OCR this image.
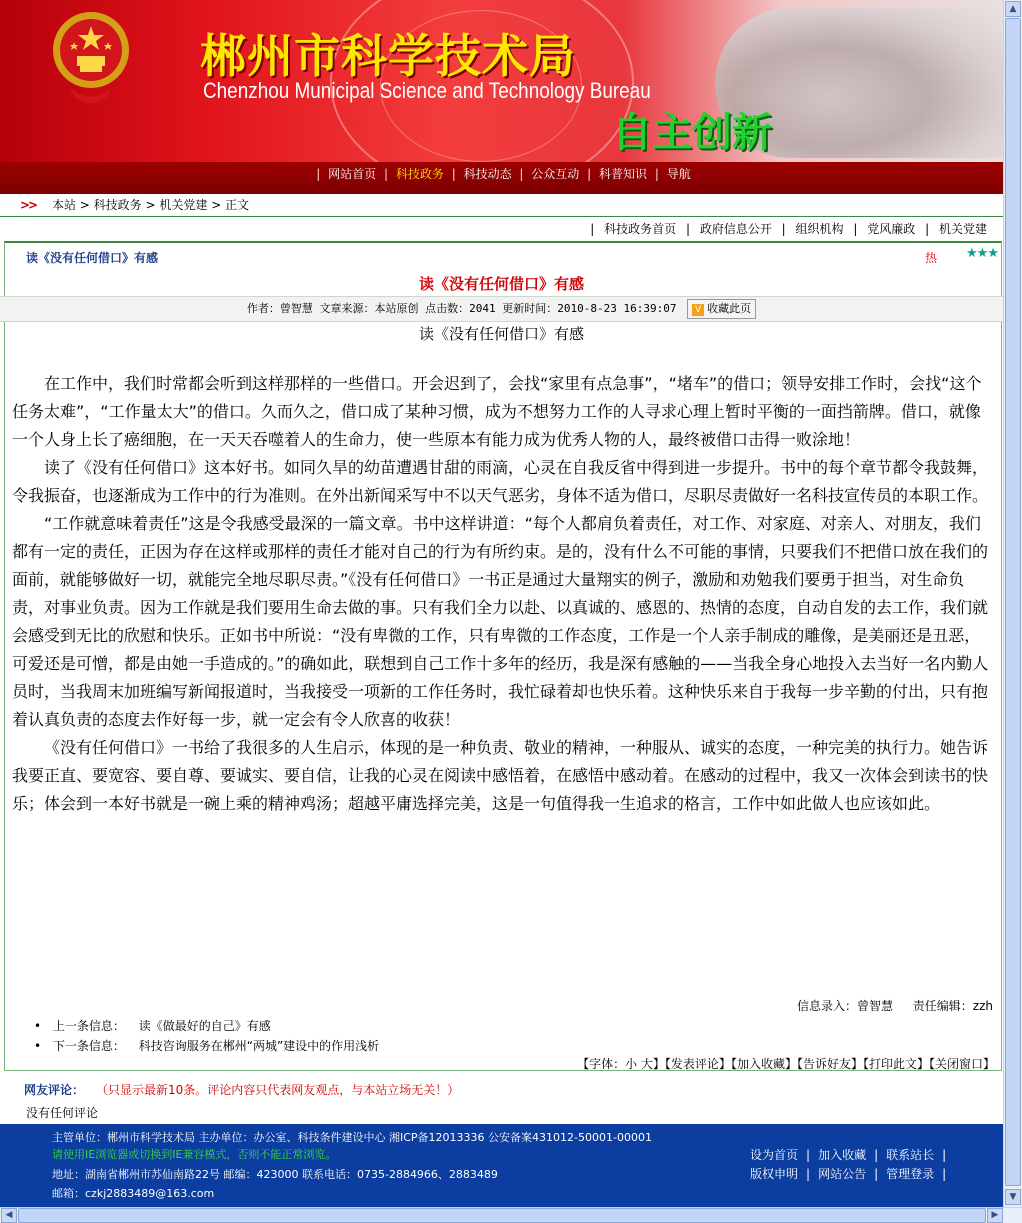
郴州市科学技术局
Chenzhou Municipal Science and Technology Bureau
自主创新
| 网站首页 | 科技政务 | 科技动态 | 公众互动 | 科普知识 | 导航
>> 本站 > 科技政务 > 机关党建 > 正文
| 科技政务首页 | 政府信息公开 | 组织机构 | 党风廉政 | 机关党建
读《没有任何借口》有感	热 ★★★
读《没有任何借口》有感
作者：曾智慧 文章来源：本站原创 点击数：2041 更新时间：2010-8-23 16:39:07 V 收藏此页
读《没有任何借口》有感

在工作中，我们时常都会听到这样那样的一些借口。开会迟到了，会找“家里有点急事”，“堵车”的借口；领导安排工作时，会找“这个任务太难”，“工作量太大”的借口。久而久之，借口成了某种习惯，成为不想努力工作的人寻求心理上暂时平衡的一面挡箭牌。借口，就像一个人身上长了癌细胞，在一天天吞噬着人的生命力，使一些原本有能力成为优秀人物的人，最终被借口击得一败涂地！

读了《没有任何借口》这本好书。如同久旱的幼苗遭遇甘甜的雨滴，心灵在自我反省中得到进一步提升。书中的每个章节都令我鼓舞，令我振奋，也逐渐成为工作中的行为准则。在外出新闻采写中不以天气恶劣，身体不适为借口，尽职尽责做好一名科技宣传员的本职工作。

“工作就意味着责任”这是令我感受最深的一篇文章。书中这样讲道：“每个人都肩负着责任，对工作、对家庭、对亲人、对朋友，我们都有一定的责任，正因为存在这样或那样的责任才能对自己的行为有所约束。是的，没有什么不可能的事情，只要我们不把借口放在我们的面前，就能够做好一切，就能完全地尽职尽责。”《没有任何借口》一书正是通过大量翔实的例子，激励和劝勉我们要勇于担当，对生命负责，对事业负责。因为工作就是我们要用生命去做的事。只有我们全力以赴、以真诚的、感恩的、热情的态度，自动自发的去工作，我们就会感受到无比的欣慰和快乐。正如书中所说：“没有卑微的工作，只有卑微的工作态度，工作是一个人亲手制成的雕像，是美丽还是丑恶，可爱还是可憎，都是由她一手造成的。”的确如此，联想到自己工作十多年的经历，我是深有感触的——当我全身心地投入去当好一名内勤人员时，当我周末加班编写新闻报道时，当我接受一项新的工作任务时，我忙碌着却也快乐着。这种快乐来自于我每一步辛勤的付出，只有抱着认真负责的态度去作好每一步，就一定会有令人欣喜的收获！

《没有任何借口》一书给了我很多的人生启示，体现的是一种负责、敬业的精神，一种服从、诚实的态度，一种完美的执行力。她告诉我要正直、要宽容、要自尊、要诚实、要自信，让我的心灵在阅读中感悟着，在感悟中感动着。在感动的过程中，我又一次体会到读书的快乐；体会到一本好书就是一碗上乘的精神鸡汤；超越平庸选择完美，这是一句值得我一生追求的格言，工作中如此做人也应该如此。

信息录入：曾智慧 责任编辑：zzh
• 上一条信息： 读《做最好的自己》有感
• 下一条信息： 科技咨询服务在郴州“两城”建设中的作用浅析
【字体：小 大】【发表评论】【加入收藏】【告诉好友】【打印此文】【关闭窗口】
网友评论： （只显示最新10条。评论内容只代表网友观点，与本站立场无关！）
没有任何评论
主管单位：郴州市科学技术局 主办单位：办公室、科技条件建设中心 湘ICP备12013336 公安备案431012-50001-00001
请使用IE浏览器或切换到IE兼容模式，否则不能正常浏览。
地址：湖南省郴州市苏仙南路22号 邮编：423000 联系电话：0735-2884966、2883489
邮箱：czkj2883489@163.com
设为首页 | 加入收藏 | 联系站长 |
版权申明 | 网站公告 | 管理登录 |
▲
▼
◀	▶
